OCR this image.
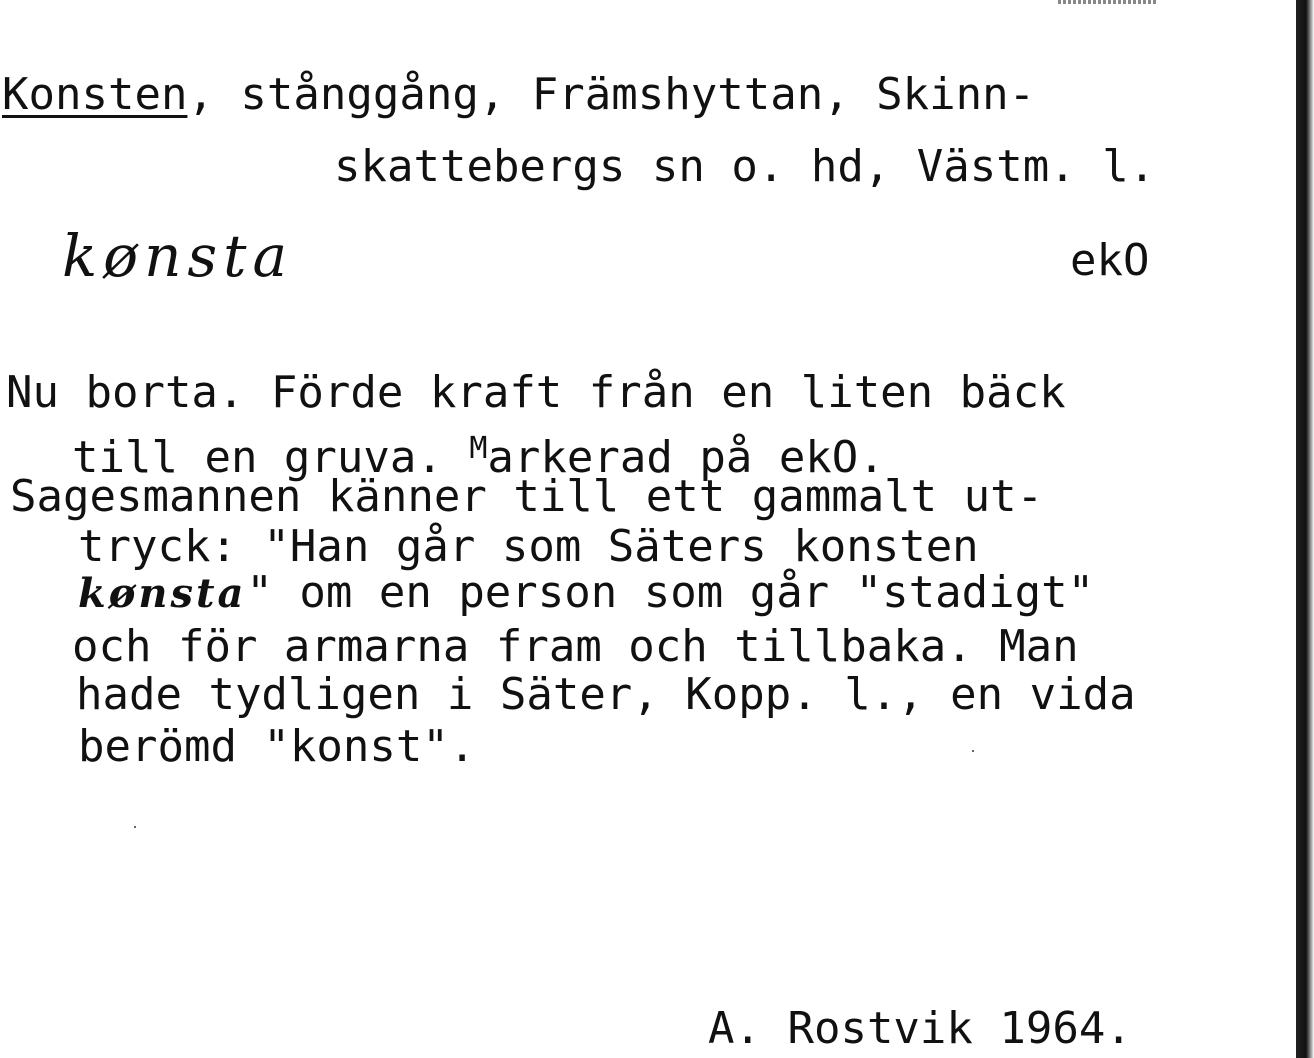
Konsten, stånggång, Främshyttan, Skinn-
skattebergs sn o. hd, Västm. l.
kønsta	ekO
Nu borta. Förde kraft från en liten bäck
till en gruva. $^M$arkerad på ekO.
Sagesmannen känner till ett gammalt ut-
tryck: "Han går som Säters konsten
kønsta" om en person som går "stadigt"
och för armarna fram och tillbaka. Man
hade tydligen i Säter, Kopp. l., en vida
berömd "konst".
A. Rostvik 1964.
